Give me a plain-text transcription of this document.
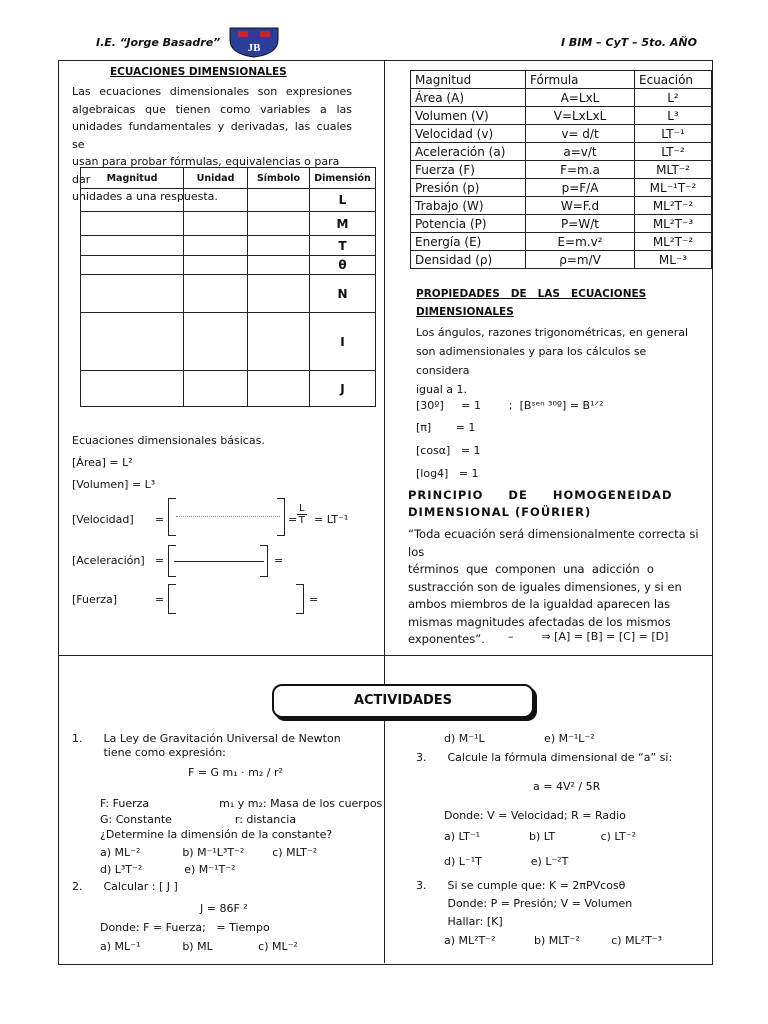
I.E. “Jorge Basadre” JB	I BIM – CyT – 5to. AÑO
ECUACIONES DIMENSIONALES
Las ecuaciones dimensionales son expresiones
algebraicas que tienen como variables a las
unidades fundamentales y derivadas, las cuales se
usan para probar fórmulas, equivalencias o para dar
unidades a una respuesta.
Magnitud	Unidad	Símbolo	Dimensión
			L
			M
			T
			θ
			N
			I
			J
Ecuaciones dimensionales básicas.
[Área] = L²
[Volumen] = L³
[Velocidad] =	= $\frac{L}{T} = LT^{-1}$
[Aceleración] =	=
[Fuerza]	=	=
Magnitud	Fórmula	Ecuación
Área (A)	A=LxL	L²
Volumen (V)	V=LxLxL	L³
Velocidad (v)	v= d/t	LT⁻¹
Aceleración (a)	a=v/t	LT⁻²
Fuerza (F)	F=m.a	MLT⁻²
Presión (p)	p=F/A	ML⁻¹T⁻²
Trabajo (W)	W=F.d	ML²T⁻²
Potencia (P)	P=W/t	ML²T⁻³
Energía (E)	E=m.v²	ML²T⁻²
Densidad (ρ)	ρ=m/V	ML⁻³
PROPIEDADES   DE   LAS   ECUACIONES
DIMENSIONALES
Los ángulos, razones trigonométricas, en general
son adimensionales y para los cálculos se considera
igual a 1.
[30º]     = 1        ;  [Bˢᵉⁿ ³⁰º] = B¹ᐟ²
[π]       = 1
[cosα]   = 1
[log4]   = 1
PRINCIPIO     DE     HOMOGENEIDAD
DIMENSIONAL (FOÜRIER)
“Toda ecuación será dimensionalmente correcta si los
términos  que  componen  una  adicción  o
sustracción son de iguales dimensiones, y si en
ambos miembros de la igualdad aparecen las
mismas magnitudes afectadas de los mismos
exponentes”.	–        ⇒ [A] = [B] = [C] = [D]
ACTIVIDADES
1.      La Ley de Gravitación Universal de Newton
tiene como expresión:
F = G m₁ · m₂ / r²
F: Fuerza                    m₁ y m₂: Masa de los cuerpos
G: Constante                  r: distancia
¿Determine la dimensión de la constante?
a) ML⁻²            b) M⁻¹L³T⁻²        c) MLT⁻²
d) L³T⁻²            e) M⁻¹T⁻²
2.      Calcular : [ J ]
J = 86F ²
Donde: F = Fuerza;   = Tiempo
a) ML⁻¹            b) ML             c) ML⁻²
d) M⁻¹L                 e) M⁻¹L⁻²
3.      Calcule la fórmula dimensional de “a” si:
a = 4V² / 5R
Donde: V = Velocidad; R = Radio
a) LT⁻¹              b) LT             c) LT⁻²
d) L⁻¹T              e) L⁻²T
3.      Si se cumple que: K = 2πPVcosθ
Donde: P = Presión; V = Volumen
Hallar: [K]
a) ML²T⁻²           b) MLT⁻²         c) ML²T⁻³
